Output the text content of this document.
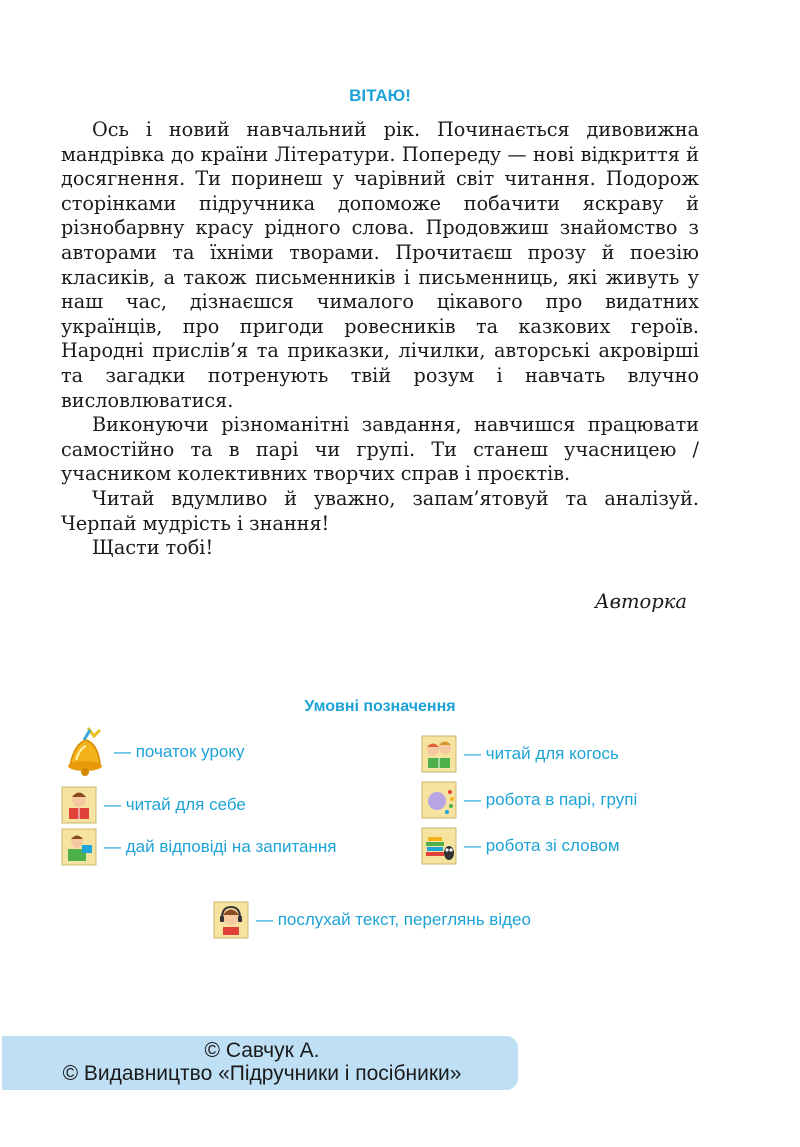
ВІТАЮ!

Ось і новий навчальний рік. Починається дивовижна мандрівка до країни Літератури. Попереду — нові відкриття й досягнення. Ти поринеш у чарівний світ читання. Подорож сторінками підручника допоможе побачити яскраву й різнобарвну красу рідного слова. Продовжиш знайомство з авторами та їхніми творами. Прочитаєш прозу й поезію класиків, а також письменників і письменниць, які живуть у наш час, дізнаєшся чималого цікавого про видатних українців, про пригоди ровесників та казкових героїв. Народні прислів’я та приказки, лічилки, авторські акровірші та загадки потренують твій розум і навчать влучно висловлюватися.

Виконуючи різноманітні завдання, навчишся працювати самостійно та в парі чи групі. Ти станеш учасницею / учасником колективних творчих справ і проєктів.

Читай вдумливо й уважно, запам’ятовуй та аналізуй. Черпай мудрість і знання!

Щасти тобі!

Авторка
Умовні позначення
— початок уроку	— читай для когось
— читай для себе	— робота в парі, групі
— дай відповіді на запитання	— робота зі словом
— послухай текст, переглянь відео
© Савчук А.
© Видавництво «Підручники і посібники»
